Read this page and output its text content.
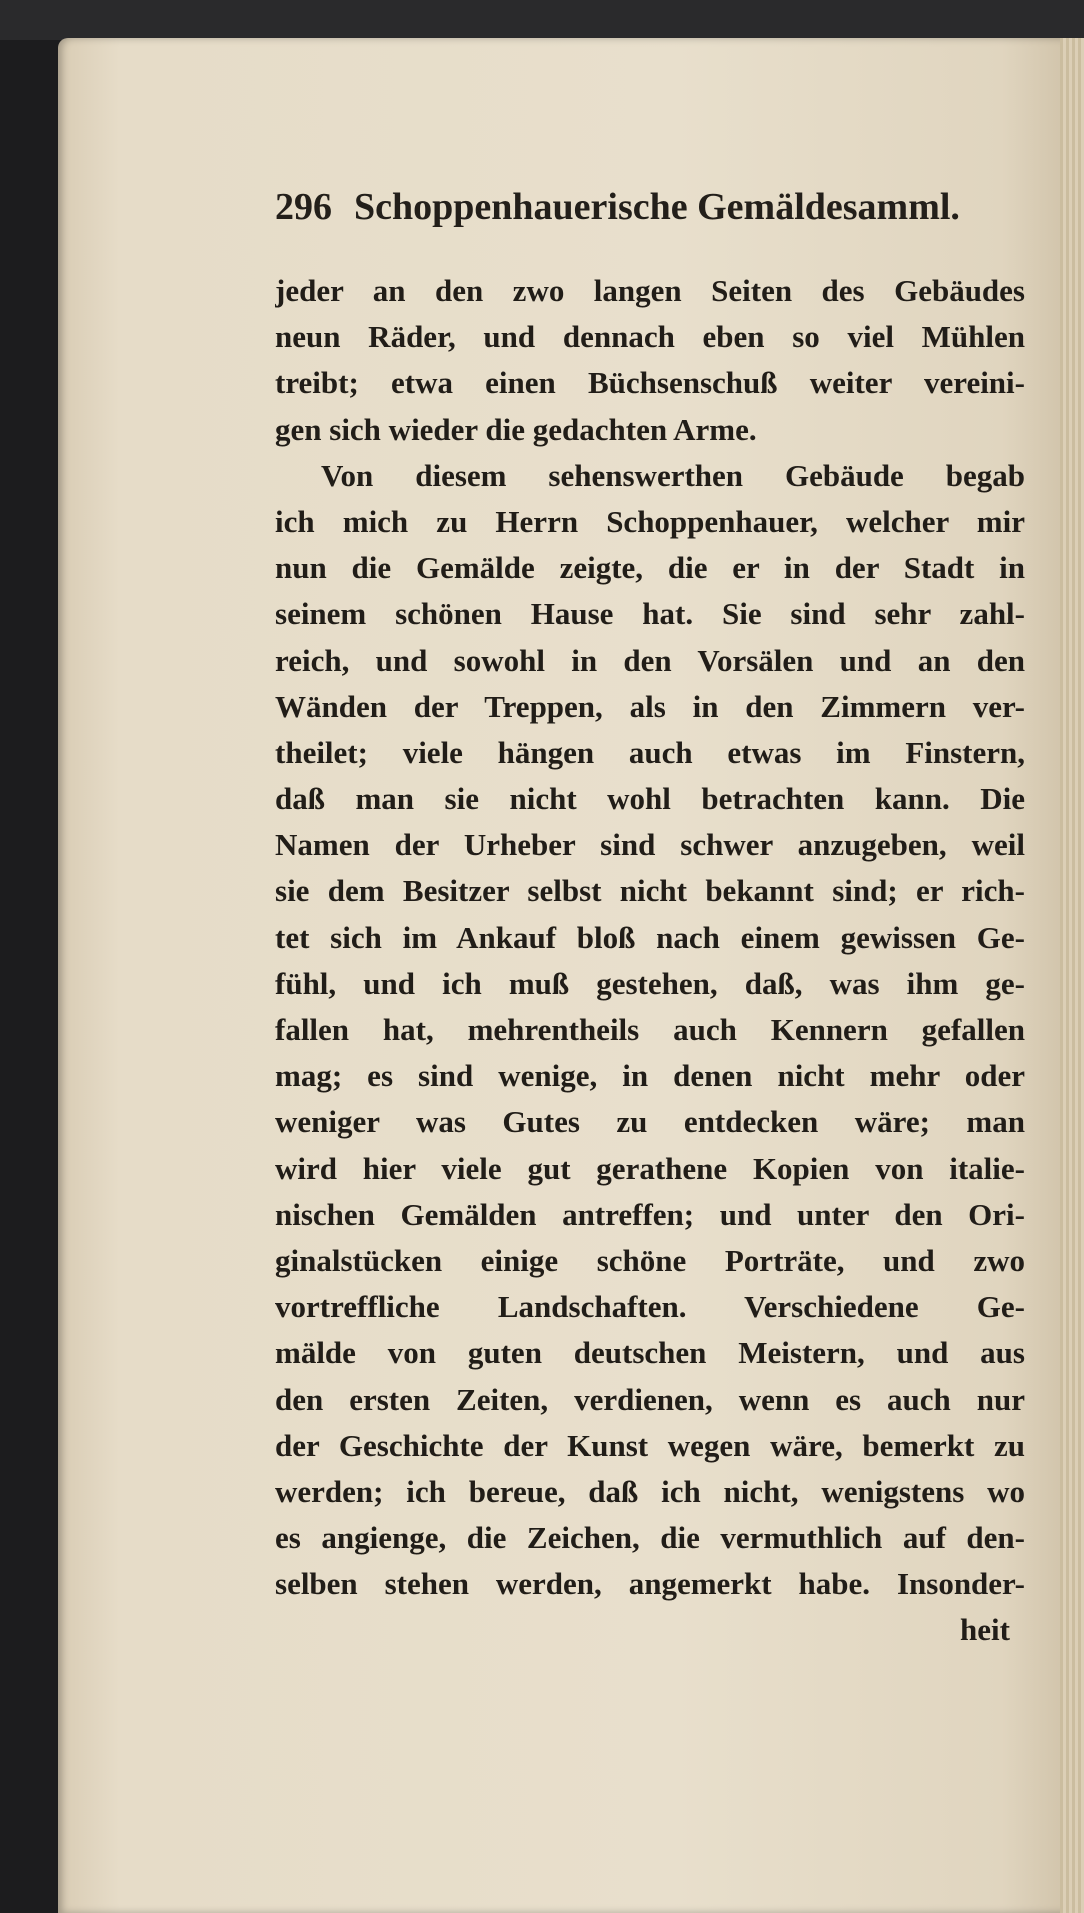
296 Schoppenhauerische Gemäldesamml.
jeder an den zwo langen Seiten des Gebäudes
neun Räder, und dennach eben so viel Mühlen
treibt; etwa einen Büchsenschuß weiter vereini-
gen sich wieder die gedachten Arme.
Von diesem sehenswerthen Gebäude begab
ich mich zu Herrn Schoppenhauer, welcher mir
nun die Gemälde zeigte, die er in der Stadt in
seinem schönen Hause hat. Sie sind sehr zahl-
reich, und sowohl in den Vorsälen und an den
Wänden der Treppen, als in den Zimmern ver-
theilet; viele hängen auch etwas im Finstern,
daß man sie nicht wohl betrachten kann. Die
Namen der Urheber sind schwer anzugeben, weil
sie dem Besitzer selbst nicht bekannt sind; er rich-
tet sich im Ankauf bloß nach einem gewissen Ge-
fühl, und ich muß gestehen, daß, was ihm ge-
fallen hat, mehrentheils auch Kennern gefallen
mag; es sind wenige, in denen nicht mehr oder
weniger was Gutes zu entdecken wäre; man
wird hier viele gut gerathene Kopien von italie-
nischen Gemälden antreffen; und unter den Ori-
ginalstücken einige schöne Porträte, und zwo
vortreffliche Landschaften. Verschiedene Ge-
mälde von guten deutschen Meistern, und aus
den ersten Zeiten, verdienen, wenn es auch nur
der Geschichte der Kunst wegen wäre, bemerkt zu
werden; ich bereue, daß ich nicht, wenigstens wo
es angienge, die Zeichen, die vermuthlich auf den-
selben stehen werden, angemerkt habe. Insonder-
heit
